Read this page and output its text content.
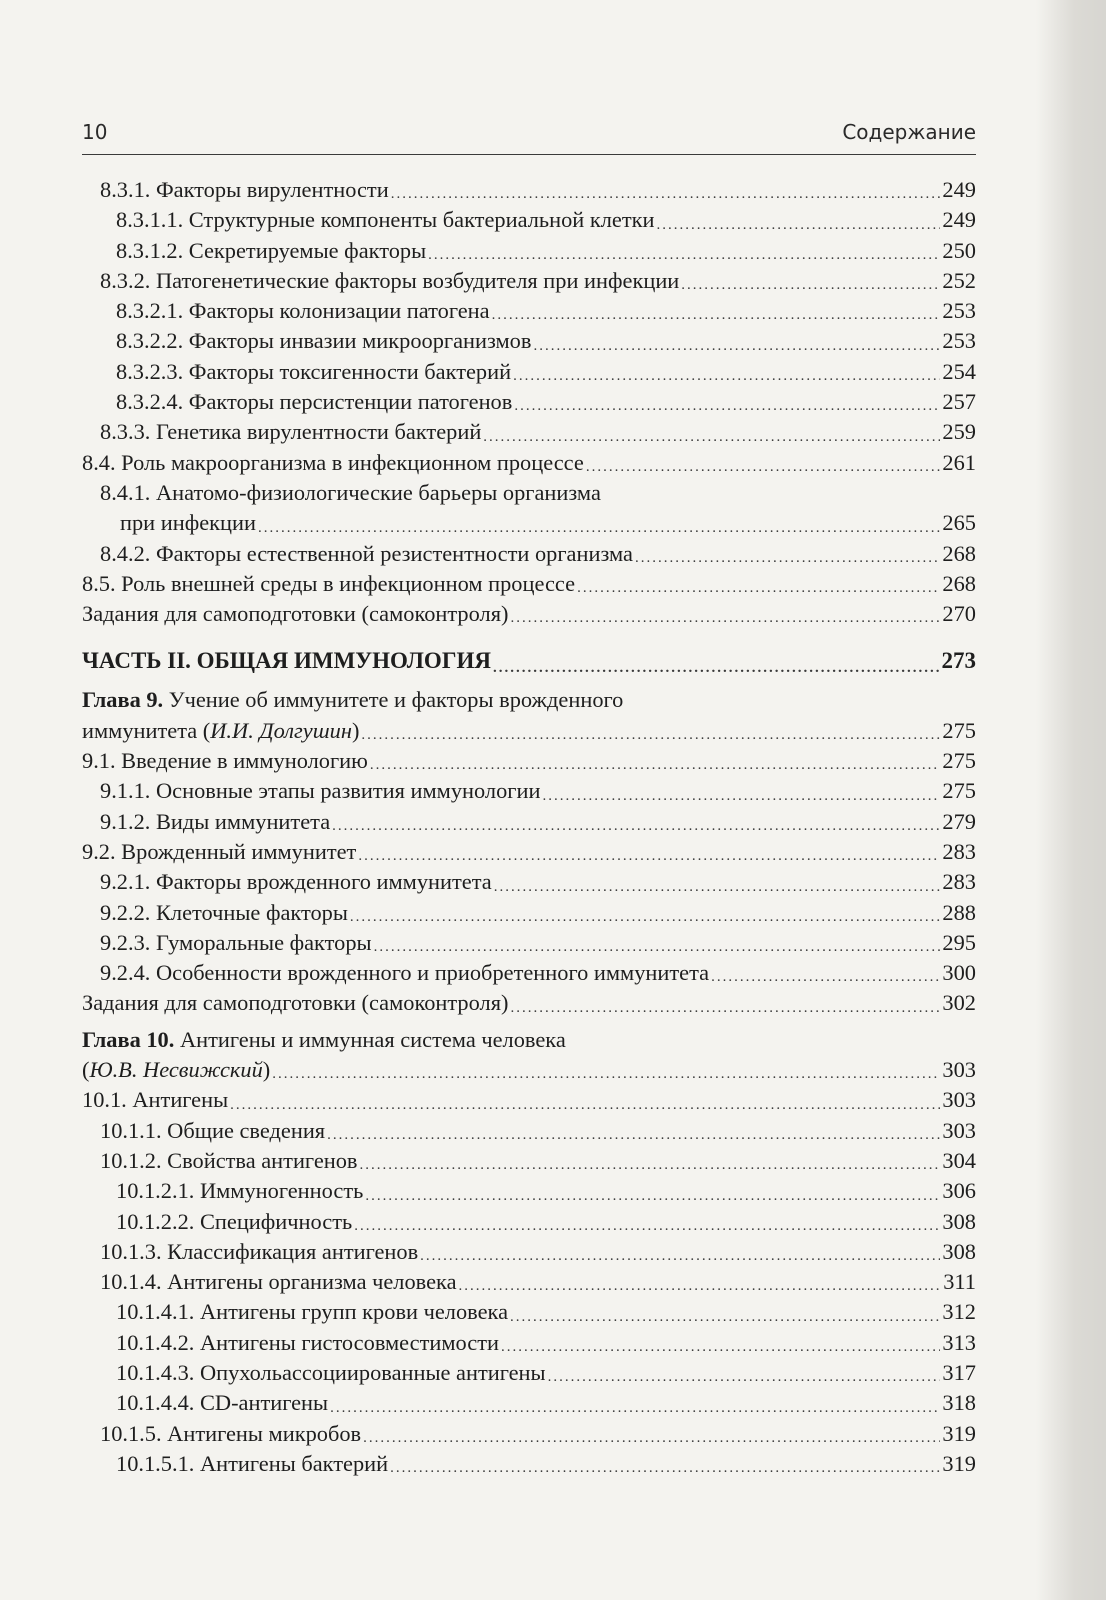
10	Содержание
8.3.1. Факторы вирулентности .....	249
8.3.1.1. Структурные компоненты бактериальной клетки .....	249
8.3.1.2. Секретируемые факторы .....	250
8.3.2. Патогенетические факторы возбудителя при инфекции .....	252
8.3.2.1. Факторы колонизации патогена .....	253
8.3.2.2. Факторы инвазии микроорганизмов .....	253
8.3.2.3. Факторы токсигенности бактерий .....	254
8.3.2.4. Факторы персистенции патогенов .....	257
8.3.3. Генетика вирулентности бактерий .....	259
8.4. Роль макроорганизма в инфекционном процессе .....	261
8.4.1. Анатомо-физиологические барьеры организма
при инфекции .....	265
8.4.2. Факторы естественной резистентности организма .....	268
8.5. Роль внешней среды в инфекционном процессе .....	268
Задания для самоподготовки (самоконтроля) .....	270
ЧАСТЬ II. ОБЩАЯ ИММУНОЛОГИЯ .....	273
Глава 9. Учение об иммунитете и факторы врожденного
иммунитета (И.И. Долгушин) .....	275
9.1. Введение в иммунологию .....	275
9.1.1. Основные этапы развития иммунологии .....	275
9.1.2. Виды иммунитета .....	279
9.2. Врожденный иммунитет .....	283
9.2.1. Факторы врожденного иммунитета .....	283
9.2.2. Клеточные факторы .....	288
9.2.3. Гуморальные факторы .....	295
9.2.4. Особенности врожденного и приобретенного иммунитета .....	300
Задания для самоподготовки (самоконтроля) .....	302
Глава 10. Антигены и иммунная система человека
(Ю.В. Несвижский) .....	303
10.1. Антигены .....	303
10.1.1. Общие сведения .....	303
10.1.2. Свойства антигенов .....	304
10.1.2.1. Иммуногенность .....	306
10.1.2.2. Специфичность .....	308
10.1.3. Классификация антигенов .....	308
10.1.4. Антигены организма человека .....	311
10.1.4.1. Антигены групп крови человека .....	312
10.1.4.2. Антигены гистосовместимости .....	313
10.1.4.3. Опухольассоциированные антигены .....	317
10.1.4.4. CD-антигены .....	318
10.1.5. Антигены микробов .....	319
10.1.5.1. Антигены бактерий .....	319
